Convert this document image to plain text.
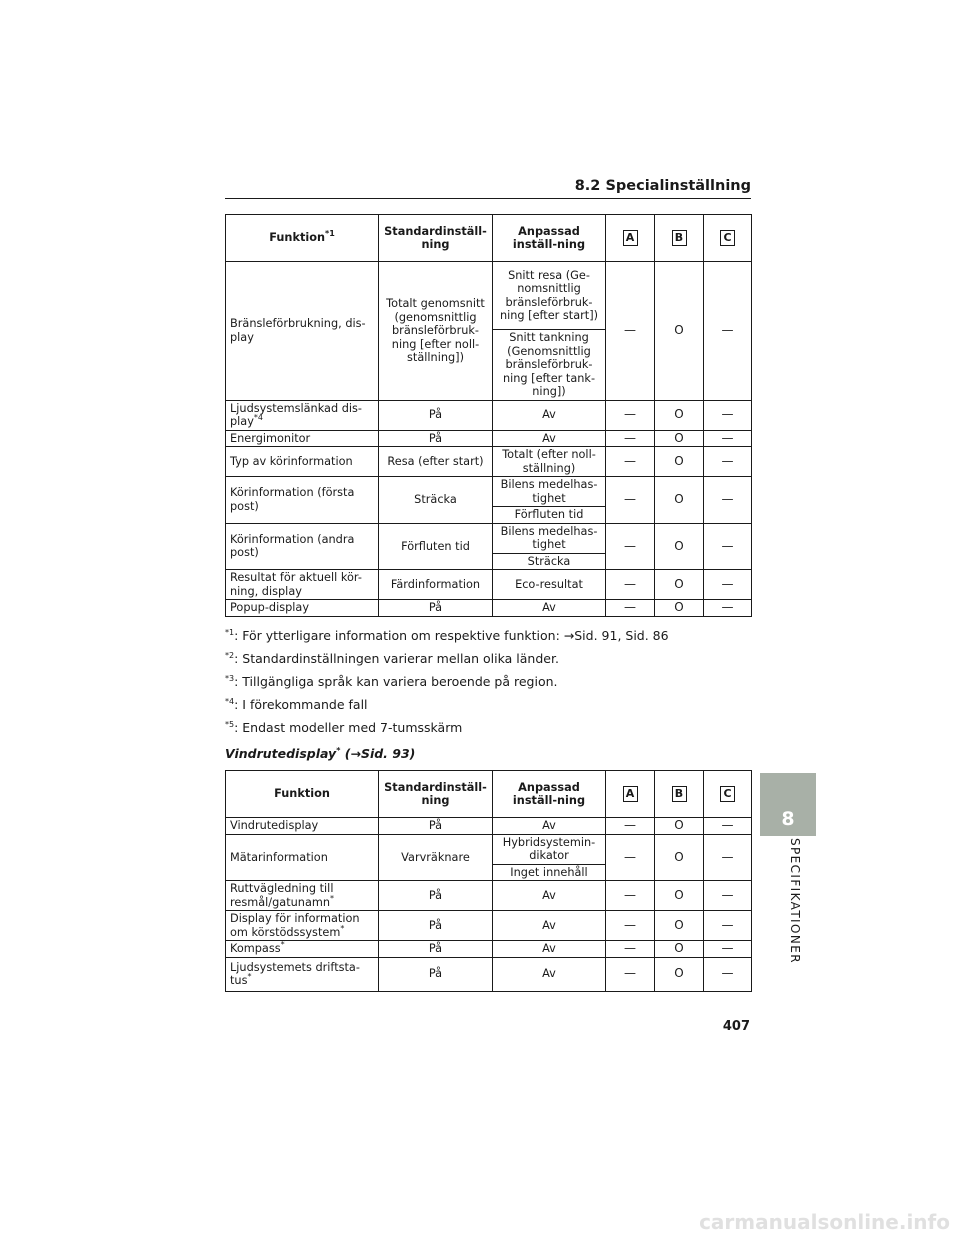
8.2 Specialinställning
Funktion$^{*1}$	Standardinställ-ning	Anpassad inställ-ning	A	B	C
Bränsleförbrukning, dis-play	Totalt genomsnitt (genomsnittlig bränsleförbruk-ning [efter noll-ställning])	Snitt resa (Ge-nomsnittlig bränsleförbruk-ning [efter start])	—	O	—
		Snitt tankning (Genomsnittlig bränsleförbruk-ning [efter tank-ning])			
Ljudsystemslänkad dis-play$^{*4}$	På	Av	—	O	—
Energimonitor	På	Av	—	O	—
Typ av körinformation	Resa (efter start)	Totalt (efter noll-ställning)	—	O	—
Körinformation (första post)	Sträcka	Bilens medelhas-tighet	—	O	—
		Förfluten tid			
Körinformation (andra post)	Förfluten tid	Bilens medelhas-tighet	—	O	—
		Sträcka			
Resultat för aktuell kör-ning, display	Färdinformation	Eco-resultat	—	O	—
Popup-display	På	Av	—	O	—

$^{*1}$: För ytterligare information om respektive funktion: →Sid. 91, Sid. 86

$^{*2}$: Standardinställningen varierar mellan olika länder.

$^{*3}$: Tillgängliga språk kan variera beroende på region.

$^{*4}$: I förekommande fall

$^{*5}$: Endast modeller med 7-tumsskärm

Vindrutedisplay* (→Sid. 93)
Funktion	Standardinställ-ning	Anpassad inställ-ning	A	B	C
Vindrutedisplay	På	Av	—	O	—
Mätarinformation	Varvräknare	Hybridsystemin-dikator	—	O	—
		Inget innehåll			
Ruttvägledning till resmål/gatunamn*	På	Av	—	O	—
Display för information om körstödssystem*	På	Av	—	O	—
Kompass*	På	Av	—	O	—
Ljudsystemets driftsta-tus*	På	Av	—	O	—
8
SPECIFIKATIONER
407
carmanualsonline.info
